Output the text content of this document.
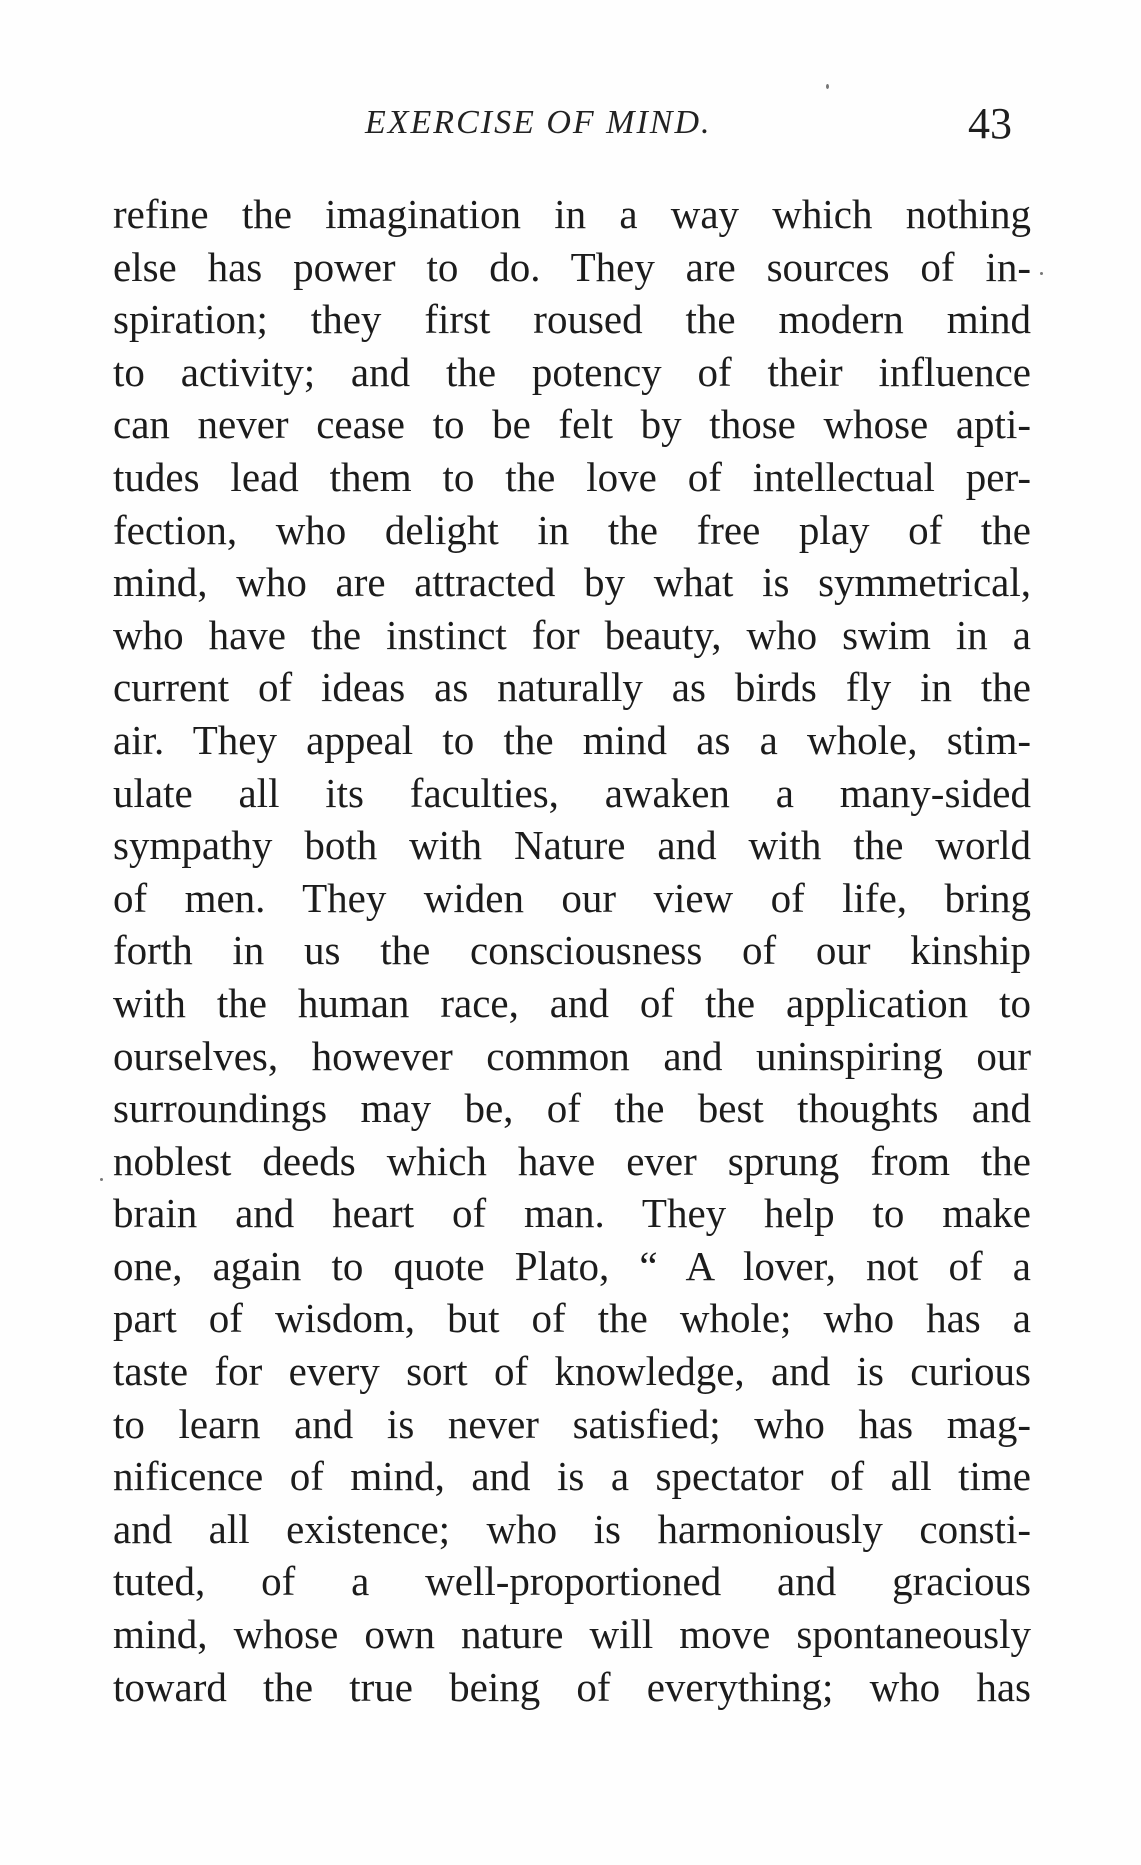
EXERCISE OF MIND.	43
refine the imagination in a way which nothing
else has power to do. They are sources of in-
spiration; they first roused the modern mind
to activity; and the potency of their influence
can never cease to be felt by those whose apti-
tudes lead them to the love of intellectual per-
fection, who delight in the free play of the
mind, who are attracted by what is symmetrical,
who have the instinct for beauty, who swim in a
current of ideas as naturally as birds fly in the
air. They appeal to the mind as a whole, stim-
ulate all its faculties, awaken a many-sided
sympathy both with Nature and with the world
of men. They widen our view of life, bring
forth in us the consciousness of our kinship
with the human race, and of the application to
ourselves, however common and uninspiring our
surroundings may be, of the best thoughts and
noblest deeds which have ever sprung from the
brain and heart of man. They help to make
one, again to quote Plato, “ A lover, not of a
part of wisdom, but of the whole; who has a
taste for every sort of knowledge, and is curious
to learn and is never satisfied; who has mag-
nificence of mind, and is a spectator of all time
and all existence; who is harmoniously consti-
tuted, of a well-proportioned and gracious
mind, whose own nature will move spontaneously
toward the true being of everything; who has
